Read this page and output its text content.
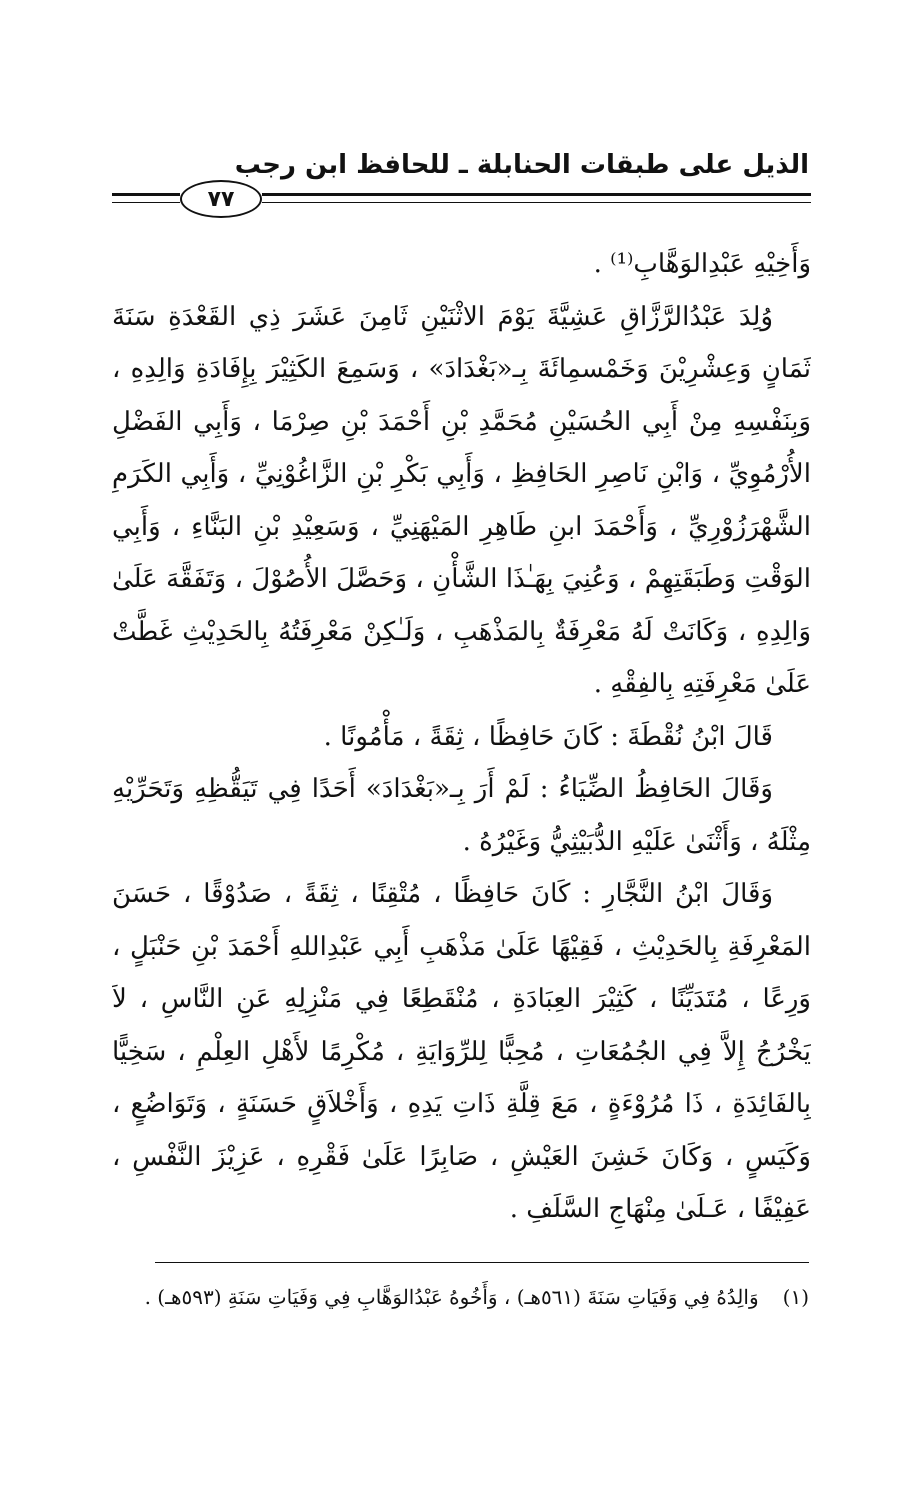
الذيل على طبقات الحنابلة ـ للحافظ ابن رجب
٧٧

وَأَخِيْهِ عَبْدِالوَهَّابِ⁽¹⁾ .

وُلِدَ عَبْدُالرَّزَّاقِ عَشِيَّةَ يَوْمَ الاثْنَيْنِ ثَامِنَ عَشَرَ ذِي القَعْدَةِ سَنَةَ ثَمَانٍ وَعِشْرِيْنَ وَخَمْسمِائَةَ بِـ«بَغْدَادَ» ، وَسَمِعَ الكَثِيْرَ بِإِفَادَةِ وَالِدِهِ ، وَبِنَفْسِهِ مِنْ أَبِي الحُسَيْنِ مُحَمَّدِ بْنِ أَحْمَدَ بْنِ صِرْمَا ، وَأَبِي الفَضْلِ الأُرْمُوِيِّ ، وَابْنِ نَاصِرِ الحَافِظِ ، وَأَبِي بَكْرِ بْنِ الزَّاغُوْنِيِّ ، وَأَبِي الكَرَمِ الشَّهْرَزُوْرِيِّ ، وَأَحْمَدَ ابنِ طَاهِرِ المَيْهَنِيِّ ، وَسَعِيْدِ بْنِ البَنَّاءِ ، وَأَبِي الوَقْتِ وَطَبَقَتِهِمْ ، وَعُنِيَ بِهَـٰذَا الشَّأْنِ ، وَحَصَّلَ الأُصُوْلَ ، وَتَفَقَّهَ عَلَىٰ وَالِدِهِ ، وَكَانَتْ لَهُ مَعْرِفَةٌ بِالمَذْهَبِ ، وَلَـٰكِنْ مَعْرِفَتُهُ بِالحَدِيْثِ غَطَّتْ عَلَىٰ مَعْرِفَتِهِ بِالفِقْهِ .

قَالَ ابْنُ نُقْطَةَ : كَانَ حَافِظًا ، ثِقَةً ، مَأْمُونًا .

وَقَالَ الحَافِظُ الضِّيَاءُ : لَمْ أَرَ بِـ«بَغْدَادَ» أَحَدًا فِي تَيَقُّظِهِ وَتَحَرِّيْهِ مِثْلَهُ ، وَأَثْنَىٰ عَلَيْهِ الدُّبَيْثِيُّ وَغَيْرُهُ .

وَقَالَ ابْنُ النَّجَّارِ : كَانَ حَافِظًا ، مُتْقِنًا ، ثِقَةً ، صَدُوْقًا ، حَسَنَ المَعْرِفَةِ بِالحَدِيْثِ ، فَقِيْهًا عَلَىٰ مَذْهَبِ أَبِي عَبْدِاللهِ أَحْمَدَ بْنِ حَنْبَلٍ ، وَرِعًا ، مُتَدَيِّنًا ، كَثِيْرَ العِبَادَةِ ، مُنْقَطِعًا فِي مَنْزِلِهِ عَنِ النَّاسِ ، لاَ يَخْرُجُ إِلاَّ فِي الجُمُعَاتِ ، مُحِبًّا لِلرِّوَايَةِ ، مُكْرِمًا لأَهْلِ العِلْمِ ، سَخِيًّا بِالفَائِدَةِ ، ذَا مُرُوْءَةٍ ، مَعَ قِلَّةِ ذَاتِ يَدِهِ ، وَأَخْلاَقٍ حَسَنَةٍ ، وَتَوَاضُعٍ ، وَكَيَسٍ ، وَكَانَ خَشِنَ العَيْشِ ، صَابِرًا عَلَىٰ فَقْرِهِ ، عَزِيْزَ النَّفْسِ ، عَفِيْفًا ، عَـلَىٰ مِنْهَاجِ السَّلَفِ .

(١)وَالِدُهُ فِي وَفَيَاتِ سَنَةَ (٥٦١هـ) ، وَأَخُوهُ عَبْدُالوَهَّابِ فِي وَفَيَاتِ سَنَةِ (٥٩٣هـ) .
